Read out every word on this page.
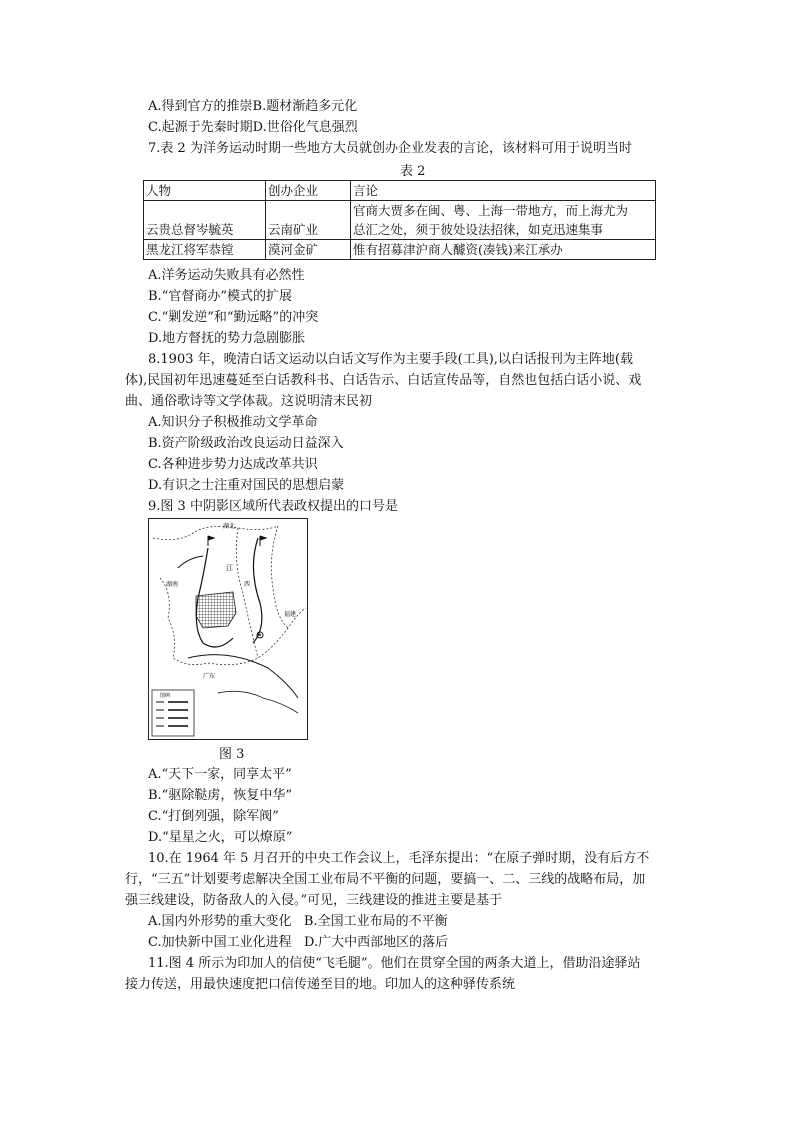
A.得到官方的推崇B.题材渐趋多元化
C.起源于先秦时期D.世俗化气息强烈
7.表 2 为洋务运动时期一些地方大员就创办企业发表的言论，该材料可用于说明当时
表 2
人物	创办企业	言论
云贵总督岑毓英	云南矿业	官商大贾多在闽、粤、上海一带地方，而上海尤为
总汇之处，须于彼处设法招徕，如克迅速集事

黑龙江将军恭镗	漠河金矿	惟有招募津沪商人醵资(凑钱)来江承办
A.洋务运动失败具有必然性
B.“官督商办”模式的扩展
C.“剿发逆”和“勤远略”的冲突
D.地方督抚的势力急剧膨胀
8.1903 年，晚清白话文运动以白话文写作为主要手段(工具),以白话报刊为主阵地(载
体),民国初年迅速蔓延至白话教科书、白话告示、白话宣传品等，自然也包括白话小说、戏
曲、通俗歌诗等文学体裁。这说明清末民初
A.知识分子积极推动文学革命
B.资产阶级政治改良运动日益深入
C.各种进步势力达成改革共识
D.有识之士注重对国民的思想启蒙
9.图 3 中阴影区域所代表政权提出的口号是
湖北
江
湖南	西
福建
广东
图例
图 3
A.“天下一家，同享太平”
B.“驱除鞑虏，恢复中华”
C.“打倒列强，除军阀”
D.“星星之火，可以燎原”
10.在 1964 年 5 月召开的中央工作会议上，毛泽东提出：“在原子弹时期，没有后方不
行，“三五”计划要考虑解决全国工业布局不平衡的问题，要搞一、二、三线的战略布局，加
强三线建设，防备敌人的入侵。”可见，三线建设的推进主要是基于
A.国内外形势的重大变化   B.全国工业布局的不平衡
C.加快新中国工业化进程   D.广大中西部地区的落后
11.图 4 所示为印加人的信使“飞毛腿”。他们在贯穿全国的两条大道上，借助沿途驿站
接力传送，用最快速度把口信传递至目的地。印加人的这种驿传系统
